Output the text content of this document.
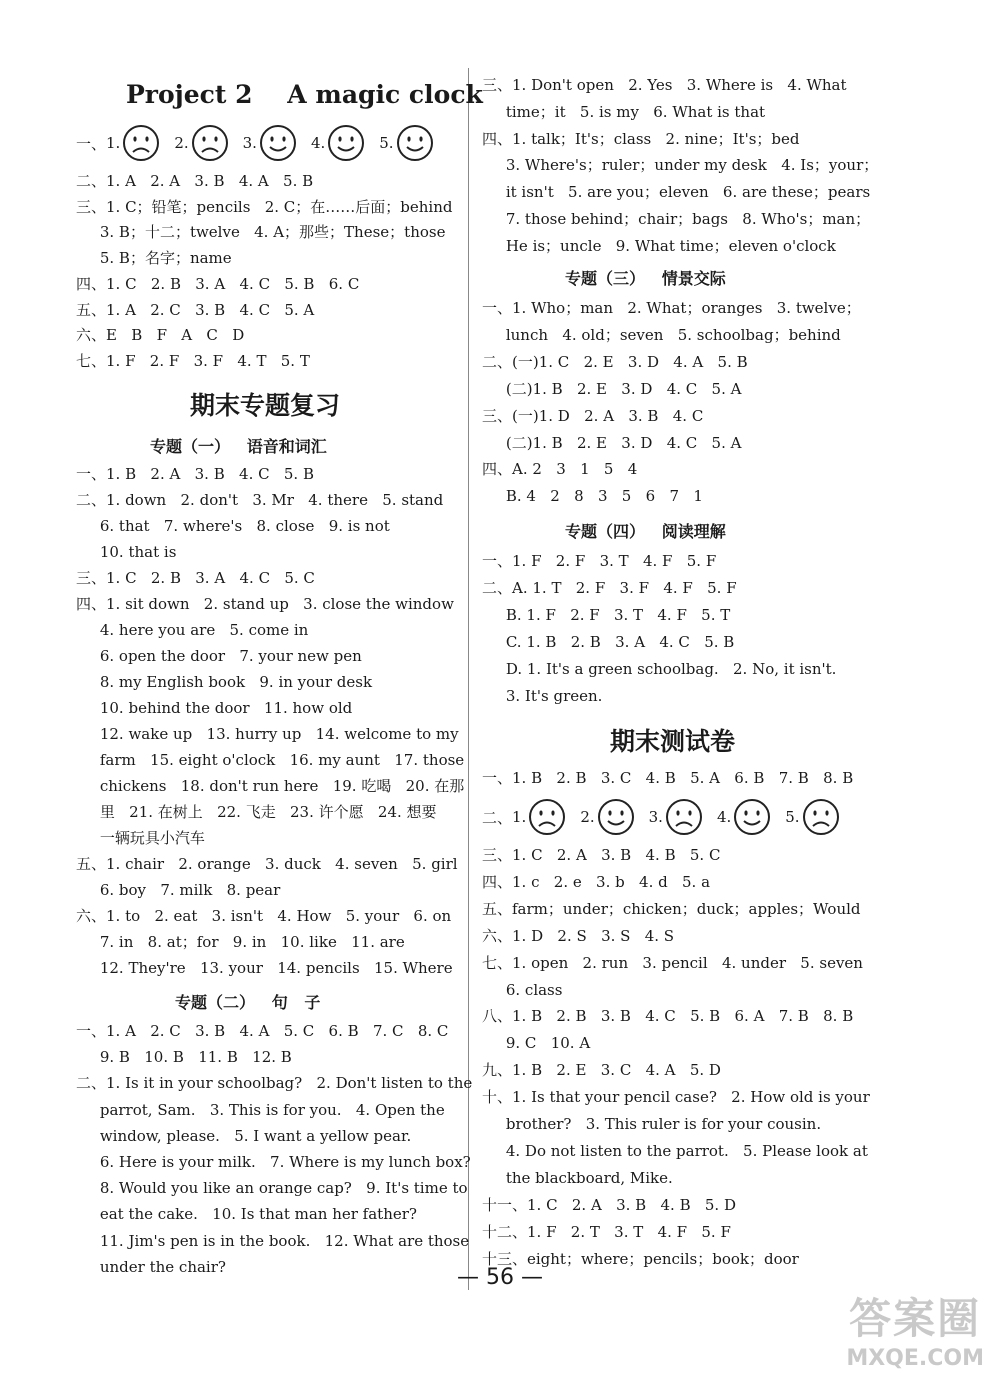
Project 2    A magic clock
一、1.	2.	3.	4.	5.
二、1. A   2. A   3. B   4. A   5. B
三、1. C；铅笔；pencils   2. C；在……后面；behind
3. B；十二；twelve   4. A；那些；These；those
5. B；名字；name
四、1. C   2. B   3. A   4. C   5. B   6. C
五、1. A   2. C   3. B   4. C   5. A
六、E   B   F   A   C   D
七、1. F   2. F   3. F   4. T   5. T
期末专题复习
专题（一）   语音和词汇
一、1. B   2. A   3. B   4. C   5. B
二、1. down   2. don't   3. Mr   4. there   5. stand
6. that   7. where's   8. close   9. is not
10. that is
三、1. C   2. B   3. A   4. C   5. C
四、1. sit down   2. stand up   3. close the window
4. here you are   5. come in
6. open the door   7. your new pen
8. my English book   9. in your desk
10. behind the door   11. how old
12. wake up   13. hurry up   14. welcome to my
farm   15. eight o'clock   16. my aunt   17. those
chickens   18. don't run here   19. 吃喝   20. 在那
里   21. 在树上   22. 飞走   23. 许个愿   24. 想要
一辆玩具小汽车
五、1. chair   2. orange   3. duck   4. seven   5. girl
6. boy   7. milk   8. pear
六、1. to   2. eat   3. isn't   4. How   5. your   6. on
7. in   8. at；for   9. in   10. like   11. are
12. They're   13. your   14. pencils   15. Where
专题（二）   句   子
一、1. A   2. C   3. B   4. A   5. C   6. B   7. C   8. C
9. B   10. B   11. B   12. B
二、1. Is it in your schoolbag?   2. Don't listen to the
parrot, Sam.   3. This is for you.   4. Open the
window, please.   5. I want a yellow pear.
6. Here is your milk.   7. Where is my lunch box?
8. Would you like an orange cap?   9. It's time to
eat the cake.   10. Is that man her father?
11. Jim's pen is in the book.   12. What are those
under the chair?
三、1. Don't open   2. Yes   3. Where is   4. What
time；it   5. is my   6. What is that
四、1. talk；It's；class   2. nine；It's；bed
3. Where's；ruler；under my desk   4. Is；your；
it isn't   5. are you；eleven   6. are these；pears
7. those behind；chair；bags   8. Who's；man；
He is；uncle   9. What time；eleven o'clock
专题（三）   情景交际
一、1. Who；man   2. What；oranges   3. twelve；
lunch   4. old；seven   5. schoolbag；behind
二、(一)1. C   2. E   3. D   4. A   5. B
(二)1. B   2. E   3. D   4. C   5. A
三、(一)1. D   2. A   3. B   4. C
(二)1. B   2. E   3. D   4. C   5. A
四、A. 2   3   1   5   4
B. 4   2   8   3   5   6   7   1
专题（四）   阅读理解
一、1. F   2. F   3. T   4. F   5. F
二、A. 1. T   2. F   3. F   4. F   5. F
B. 1. F   2. F   3. T   4. F   5. T
C. 1. B   2. B   3. A   4. C   5. B
D. 1. It's a green schoolbag.   2. No, it isn't.
3. It's green.
期末测试卷
一、1. B   2. B   3. C   4. B   5. A   6. B   7. B   8. B
二、1.	2.	3.	4.	5.
三、1. C   2. A   3. B   4. B   5. C
四、1. c   2. e   3. b   4. d   5. a
五、farm；under；chicken；duck；apples；Would
六、1. D   2. S   3. S   4. S
七、1. open   2. run   3. pencil   4. under   5. seven
6. class
八、1. B   2. B   3. B   4. C   5. B   6. A   7. B   8. B
9. C   10. A
九、1. B   2. E   3. C   4. A   5. D
十、1. Is that your pencil case?   2. How old is your
brother?   3. This ruler is for your cousin.
4. Do not listen to the parrot.   5. Please look at
the blackboard, Mike.
十一、1. C   2. A   3. B   4. B   5. D
十二、1. F   2. T   3. T   4. F   5. F
十三、eight；where；pencils；book；door
— 56 —
答案圈
MXQE.COM
